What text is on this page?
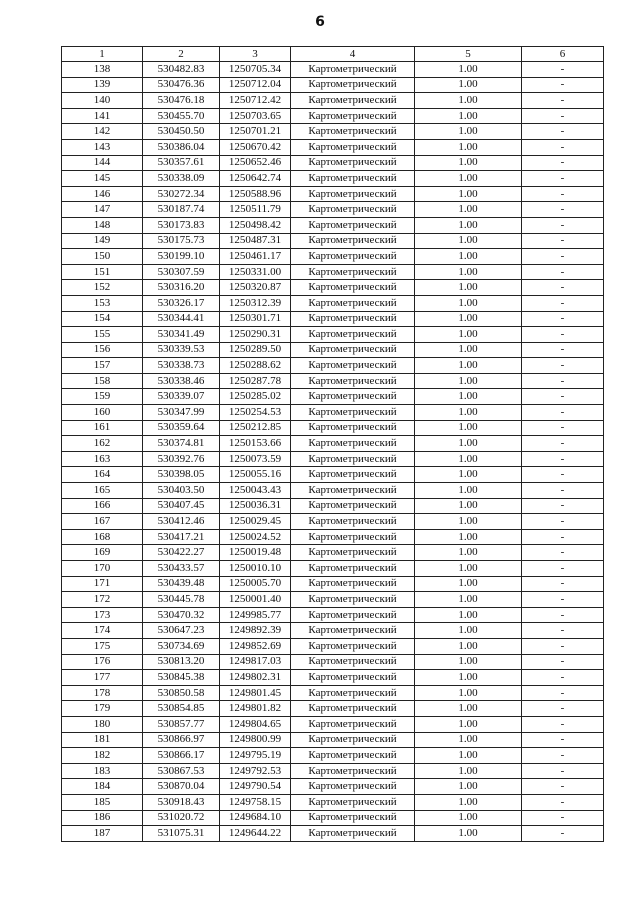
6
1	2	3	4	5	6
138	530482.83	1250705.34	Картометрический	1.00	-
139	530476.36	1250712.04	Картометрический	1.00	-
140	530476.18	1250712.42	Картометрический	1.00	-
141	530455.70	1250703.65	Картометрический	1.00	-
142	530450.50	1250701.21	Картометрический	1.00	-
143	530386.04	1250670.42	Картометрический	1.00	-
144	530357.61	1250652.46	Картометрический	1.00	-
145	530338.09	1250642.74	Картометрический	1.00	-
146	530272.34	1250588.96	Картометрический	1.00	-
147	530187.74	1250511.79	Картометрический	1.00	-
148	530173.83	1250498.42	Картометрический	1.00	-
149	530175.73	1250487.31	Картометрический	1.00	-
150	530199.10	1250461.17	Картометрический	1.00	-
151	530307.59	1250331.00	Картометрический	1.00	-
152	530316.20	1250320.87	Картометрический	1.00	-
153	530326.17	1250312.39	Картометрический	1.00	-
154	530344.41	1250301.71	Картометрический	1.00	-
155	530341.49	1250290.31	Картометрический	1.00	-
156	530339.53	1250289.50	Картометрический	1.00	-
157	530338.73	1250288.62	Картометрический	1.00	-
158	530338.46	1250287.78	Картометрический	1.00	-
159	530339.07	1250285.02	Картометрический	1.00	-
160	530347.99	1250254.53	Картометрический	1.00	-
161	530359.64	1250212.85	Картометрический	1.00	-
162	530374.81	1250153.66	Картометрический	1.00	-
163	530392.76	1250073.59	Картометрический	1.00	-
164	530398.05	1250055.16	Картометрический	1.00	-
165	530403.50	1250043.43	Картометрический	1.00	-
166	530407.45	1250036.31	Картометрический	1.00	-
167	530412.46	1250029.45	Картометрический	1.00	-
168	530417.21	1250024.52	Картометрический	1.00	-
169	530422.27	1250019.48	Картометрический	1.00	-
170	530433.57	1250010.10	Картометрический	1.00	-
171	530439.48	1250005.70	Картометрический	1.00	-
172	530445.78	1250001.40	Картометрический	1.00	-
173	530470.32	1249985.77	Картометрический	1.00	-
174	530647.23	1249892.39	Картометрический	1.00	-
175	530734.69	1249852.69	Картометрический	1.00	-
176	530813.20	1249817.03	Картометрический	1.00	-
177	530845.38	1249802.31	Картометрический	1.00	-
178	530850.58	1249801.45	Картометрический	1.00	-
179	530854.85	1249801.82	Картометрический	1.00	-
180	530857.77	1249804.65	Картометрический	1.00	-
181	530866.97	1249800.99	Картометрический	1.00	-
182	530866.17	1249795.19	Картометрический	1.00	-
183	530867.53	1249792.53	Картометрический	1.00	-
184	530870.04	1249790.54	Картометрический	1.00	-
185	530918.43	1249758.15	Картометрический	1.00	-
186	531020.72	1249684.10	Картометрический	1.00	-
187	531075.31	1249644.22	Картометрический	1.00	-
